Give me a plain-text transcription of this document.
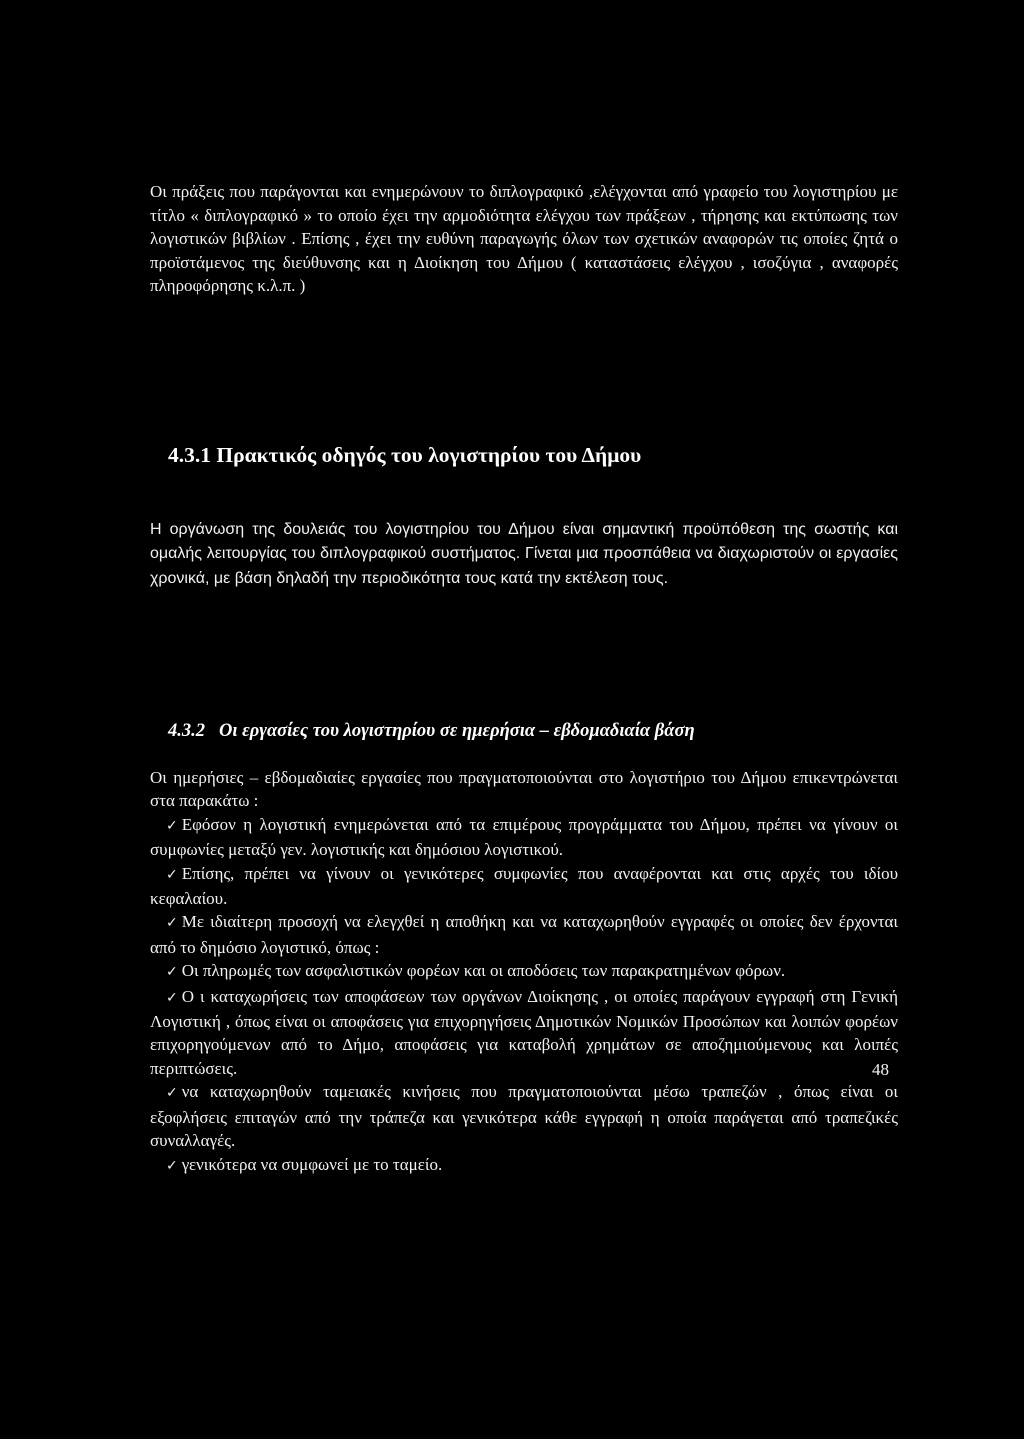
Οι πράξεις που παράγονται και ενημερώνουν το διπλογραφικό ,ελέγχονται από γραφείο του λογιστηρίου με τίτλο « διπλογραφικό » το οποίο έχει την αρμοδιότητα ελέγχου των πράξεων , τήρησης και εκτύπωσης των λογιστικών βιβλίων . Επίσης , έχει την ευθύνη παραγωγής όλων των σχετικών αναφορών τις οποίες ζητά ο προϊστάμενος της διεύθυνσης και η Διοίκηση του Δήμου ( καταστάσεις ελέγχου , ισοζύγια , αναφορές πληροφόρησης κ.λ.π. )
4.3.1 Πρακτικός οδηγός του λογιστηρίου του Δήμου
Η οργάνωση της δουλειάς του λογιστηρίου του Δήμου είναι σημαντική προϋπόθεση της σωστής και ομαλής λειτουργίας του διπλογραφικού συστήματος. Γίνεται μια προσπάθεια να διαχωριστούν οι εργασίες χρονικά, με βάση δηλαδή την περιοδικότητα τους κατά την εκτέλεση τους.
4.3.2 Οι εργασίες του λογιστηρίου σε ημερήσια – εβδομαδιαία βάση

Οι ημερήσιες – εβδομαδιαίες εργασίες που πραγματοποιούνται στο λογιστήριο του Δήμου επικεντρώνεται στα παρακάτω :

✓ Εφόσον η λογιστική ενημερώνεται από τα επιμέρους προγράμματα του Δήμου, πρέπει να γίνουν οι συμφωνίες μεταξύ γεν. λογιστικής και δημόσιου λογιστικού.

✓ Επίσης, πρέπει να γίνουν οι γενικότερες συμφωνίες που αναφέρονται και στις αρχές του ιδίου κεφαλαίου.

✓ Με ιδιαίτερη προσοχή να ελεγχθεί η αποθήκη και να καταχωρηθούν εγγραφές οι οποίες δεν έρχονται από το δημόσιο λογιστικό, όπως :

✓ Οι πληρωμές των ασφαλιστικών φορέων και οι αποδόσεις των παρακρατημένων φόρων.

✓ Ο ι καταχωρήσεις των αποφάσεων των οργάνων Διοίκησης , οι οποίες παράγουν εγγραφή στη Γενική Λογιστική , όπως είναι οι αποφάσεις για επιχορηγήσεις Δημοτικών Νομικών Προσώπων και λοιπών φορέων επιχορηγούμενων από το Δήμο, αποφάσεις για καταβολή χρημάτων σε αποζημιούμενους και λοιπές περιπτώσεις.

✓ να καταχωρηθούν ταμειακές κινήσεις που πραγματοποιούνται μέσω τραπεζών , όπως είναι οι εξοφλήσεις επιταγών από την τράπεζα και γενικότερα κάθε εγγραφή η οποία παράγεται από τραπεζικές συναλλαγές.

✓ γενικότερα να συμφωνεί με το ταμείο.

48
